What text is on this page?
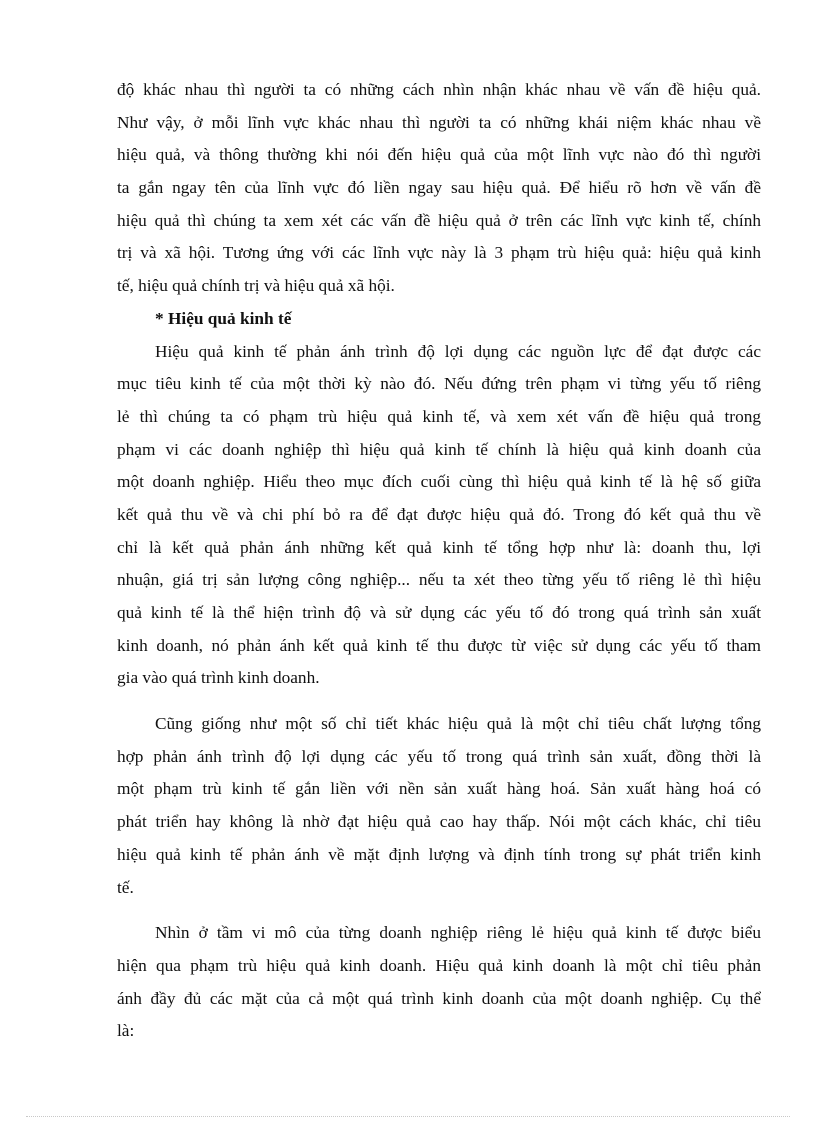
độ khác nhau thì người ta có những cách nhìn nhận khác nhau về vấn đề hiệu quả.
Như vậy, ở mỗi lĩnh vực khác nhau thì người ta có những khái niệm khác nhau về
hiệu quả, và thông thường khi nói đến hiệu quả của một lĩnh vực nào đó thì người
ta gắn ngay tên của lĩnh vực đó liền ngay sau hiệu quả. Để hiểu rõ hơn về vấn đề
hiệu quả thì chúng ta xem xét các vấn đề hiệu quả ở trên các lĩnh vực kinh tế, chính
trị và xã hội. Tương ứng với các lĩnh vực này là 3 phạm trù hiệu quả: hiệu quả kinh
tế, hiệu quả chính trị và hiệu quả xã hội.
* Hiệu quả kinh tế
Hiệu quả kinh tế phản ánh trình độ lợi dụng các nguồn lực để đạt được các
mục tiêu kinh tế của một thời kỳ nào đó. Nếu đứng trên phạm vi từng yếu tố riêng
lẻ thì chúng ta có phạm trù hiệu quả kinh tế, và xem xét vấn đề hiệu quả trong
phạm vi các doanh nghiệp thì hiệu quả kinh tế chính là hiệu quả kinh doanh của
một doanh nghiệp. Hiểu theo mục đích cuối cùng thì hiệu quả kinh tế là hệ số giữa
kết quả thu về và chi phí bỏ ra để đạt được hiệu quả đó. Trong đó kết quả thu về
chỉ là kết quả phản ánh những kết quả kinh tế tổng hợp như là: doanh thu, lợi
nhuận, giá trị sản lượng công nghiệp... nếu ta xét theo từng yếu tố riêng lẻ thì hiệu
quả kinh tế là thể hiện trình độ và sử dụng các yếu tố đó trong quá trình sản xuất
kinh doanh, nó phản ánh kết quả kinh tế thu được từ việc sử dụng các yếu tố tham
gia vào quá trình kinh doanh.
Cũng giống như một số chỉ tiết khác hiệu quả là một chỉ tiêu chất lượng tổng
hợp phản ánh trình độ lợi dụng các yếu tố trong quá trình sản xuất, đồng thời là
một phạm trù kinh tế gắn liền với nền sản xuất hàng hoá. Sản xuất hàng hoá có
phát triển hay không là nhờ đạt hiệu quả cao hay thấp. Nói một cách khác, chỉ tiêu
hiệu quả kinh tế phản ánh về mặt định lượng và định tính trong sự phát triển kinh
tế.
Nhìn ở tầm vi mô của từng doanh nghiệp riêng lẻ hiệu quả kinh tế được biểu
hiện qua phạm trù hiệu quả kinh doanh. Hiệu quả kinh doanh là một chỉ tiêu phản
ánh đầy đủ các mặt của cả một quá trình kinh doanh của một doanh nghiệp. Cụ thể
là:
